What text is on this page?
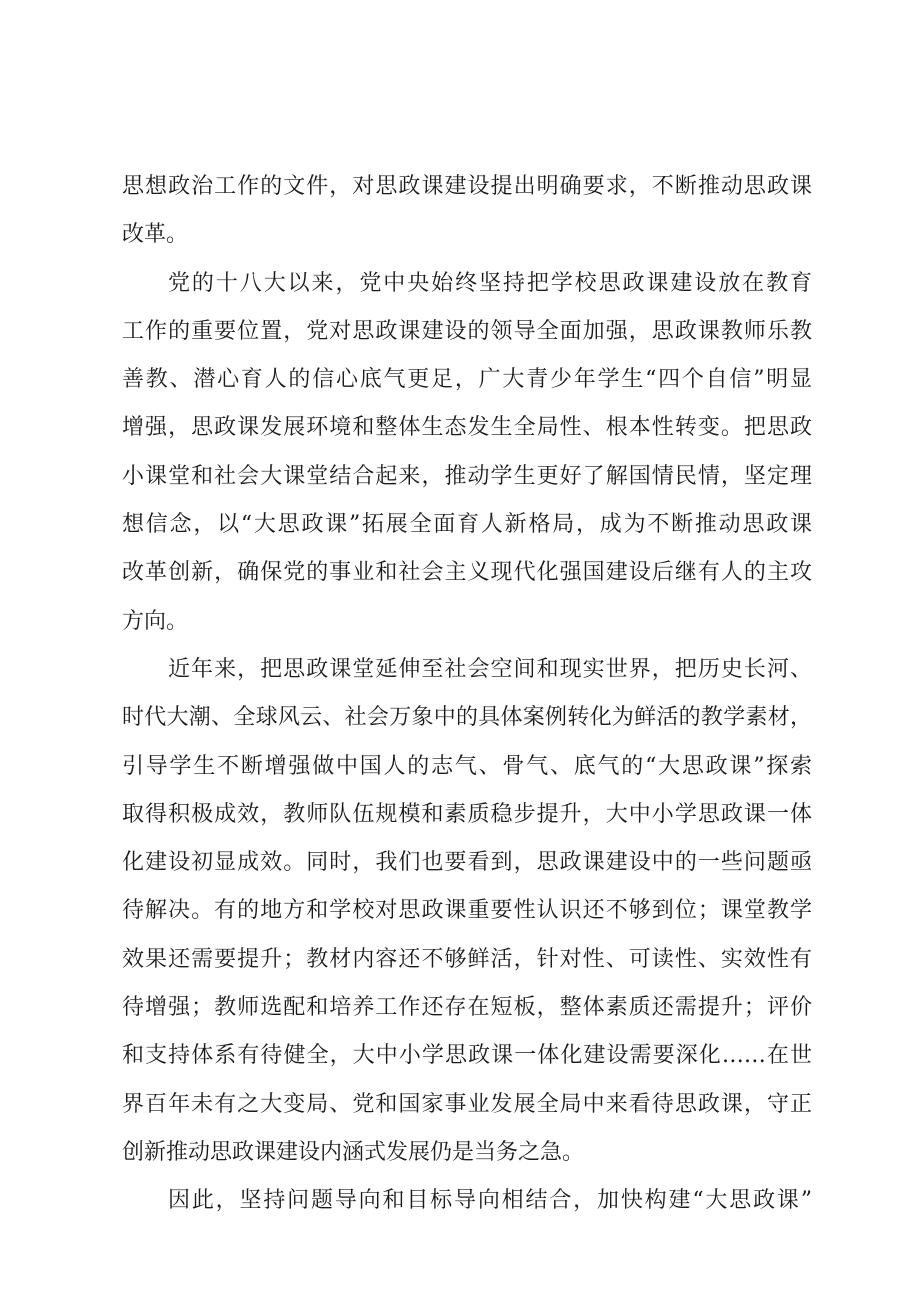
思想政治工作的文件，对思政课建设提出明确要求，不断推动思政课
改革。
党的十八大以来，党中央始终坚持把学校思政课建设放在教育
工作的重要位置，党对思政课建设的领导全面加强，思政课教师乐教
善教、潜心育人的信心底气更足，广大青少年学生“四个自信”明显
增强，思政课发展环境和整体生态发生全局性、根本性转变。把思政
小课堂和社会大课堂结合起来，推动学生更好了解国情民情，坚定理
想信念，以“大思政课”拓展全面育人新格局，成为不断推动思政课
改革创新，确保党的事业和社会主义现代化强国建设后继有人的主攻
方向。
近年来，把思政课堂延伸至社会空间和现实世界，把历史长河、
时代大潮、全球风云、社会万象中的具体案例转化为鲜活的教学素材，
引导学生不断增强做中国人的志气、骨气、底气的“大思政课”探索
取得积极成效，教师队伍规模和素质稳步提升，大中小学思政课一体
化建设初显成效。同时，我们也要看到，思政课建设中的一些问题亟
待解决。有的地方和学校对思政课重要性认识还不够到位；课堂教学
效果还需要提升；教材内容还不够鲜活，针对性、可读性、实效性有
待增强；教师选配和培养工作还存在短板，整体素质还需提升；评价
和支持体系有待健全，大中小学思政课一体化建设需要深化……在世
界百年未有之大变局、党和国家事业发展全局中来看待思政课，守正
创新推动思政课建设内涵式发展仍是当务之急。
因此，坚持问题导向和目标导向相结合，加快构建“大思政课”
